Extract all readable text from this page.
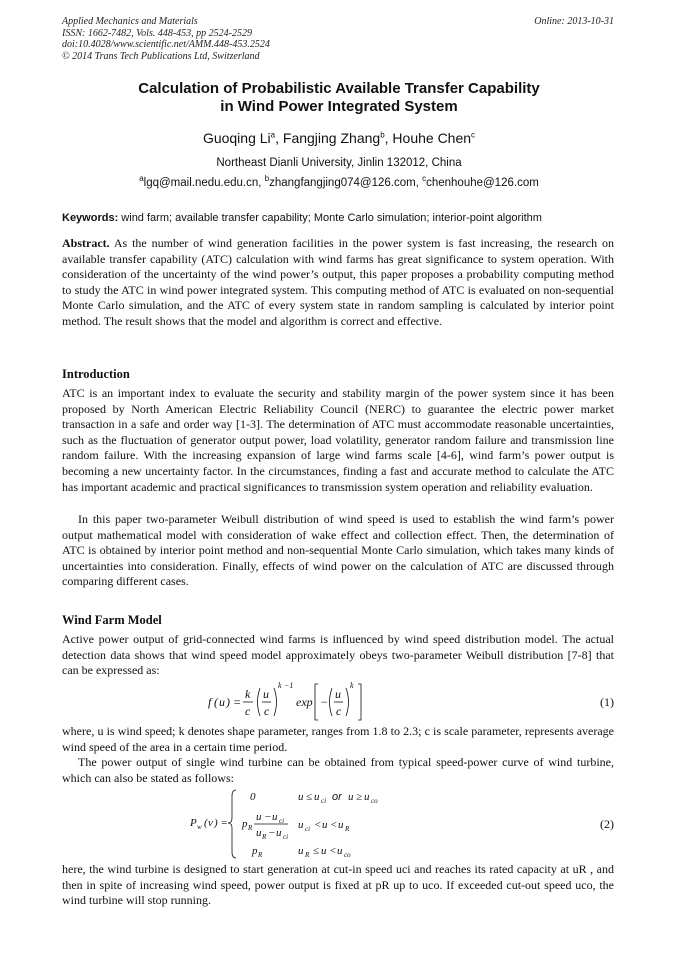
Applied Mechanics and Materials
ISSN: 1662-7482, Vols. 448-453, pp 2524-2529
doi:10.4028/www.scientific.net/AMM.448-453.2524
© 2014 Trans Tech Publications Ltd, Switzerland
Online: 2013-10-31
Calculation of Probabilistic Available Transfer Capability
in Wind Power Integrated System
Guoqing Li$^a$, Fangjing Zhang$^b$, Houhe Chen$^c$
Northeast Dianli University, Jinlin 132012, China
$^a$lgq@mail.nedu.edu.cn, $^b$zhangfangjing074@126.com, $^c$chenhouhe@126.com
Keywords: wind farm; available transfer capability; Monte Carlo simulation; interior-point algorithm
Abstract. As the number of wind generation facilities in the power system is fast increasing, the research on available transfer capability (ATC) calculation with wind farms has great significance to system operation. With consideration of the uncertainty of the wind power’s output, this paper proposes a probability computing method to study the ATC in wind power integrated system. This computing method of ATC is evaluated on non-sequential Monte Carlo simulation, and the ATC of every system state in random sampling is calculated by interior point method. The result shows that the model and algorithm is correct and effective.
Introduction
ATC is an important index to evaluate the security and stability margin of the power system since it has been proposed by North American Electric Reliability Council (NERC) to guarantee the electric power market transaction in a safe and order way [1-3]. The determination of ATC must accommodate reasonable uncertainties, such as the fluctuation of generator output power, load volatility, generator random failure and transmission line random failure. With the increasing expansion of large wind farms scale [4-6], wind farm’s power output is becoming a new uncertainty factor. In the circumstances, finding a fast and accurate method to calculate the ATC has important academic and practical significances to transmission system operation and reliability evaluation.
In this paper two-parameter Weibull distribution of wind speed is used to establish the wind farm’s power output mathematical model with consideration of wake effect and collection effect. Then, the determination of ATC is obtained by interior point method and non-sequential Monte Carlo simulation, which takes many kinds of uncertainties into consideration. Finally, effects of wind power on the calculation of ATC are discussed through comparing different cases.
Wind Farm Model
Active power output of grid-connected wind farms is influenced by wind speed distribution model. The actual detection data shows that wind speed model approximately obeys two-parameter Weibull distribution [7-8] that can be expressed as:
f ( u ) =
k
c
u
c
k −1
exp −
u
c
k
(1)
where, u is wind speed; k denotes shape parameter, ranges from 1.8 to 2.3; c is scale parameter, represents average wind speed of the area in a certain time period.
The power output of single wind turbine can be obtained from typical speed-power curve of wind turbine, which can also be stated as follows:
P w ( v ) =
0	u ≤ u ci or u ≥ u co
p R
u − u ci
u R − u ci
u ci < u < u R
p R	u R ≤ u < u co
(2)
here, the wind turbine is designed to start generation at cut-in speed uci and reaches its rated capacity at uR , and then in spite of increasing wind speed, power output is fixed at pR up to uco. If exceeded cut-out speed uco, the wind turbine will stop running.
